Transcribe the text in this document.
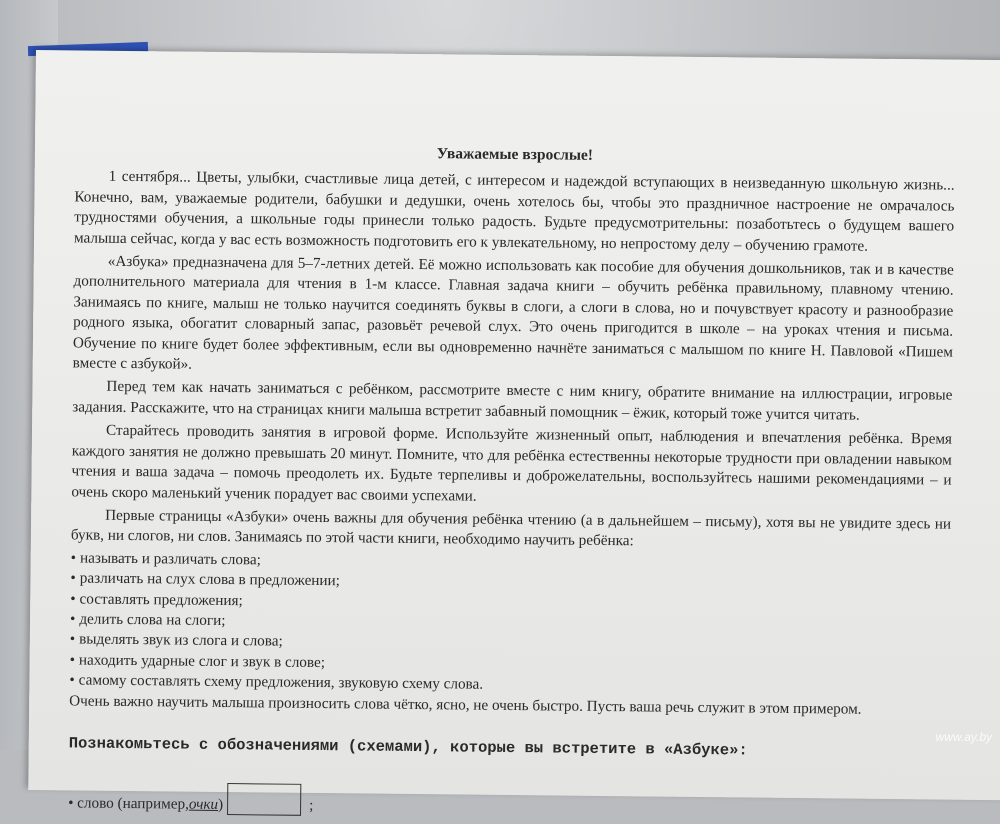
Уважаемые взрослые!

1 сентября... Цветы, улыбки, счастливые лица детей, с интересом и надеждой вступающих в неизведанную школьную жизнь... Конечно, вам, уважаемые родители, бабушки и дедушки, очень хотелось бы, чтобы это праздничное настроение не омрачалось трудностями обучения, а школьные годы принесли только радость. Будьте предусмотрительны: позаботьтесь о будущем вашего малыша сейчас, когда у вас есть возможность подготовить его к увлекательному, но непростому делу – обучению грамоте.

«Азбука» предназначена для 5–7-летних детей. Её можно использовать как пособие для обучения дошкольников, так и в качестве дополнительного материала для чтения в 1-м классе. Главная задача книги – обучить ребёнка правильному, плавному чтению. Занимаясь по книге, малыш не только научится соединять буквы в слоги, а слоги в слова, но и почувствует красоту и разнообразие родного языка, обогатит словарный запас, разовьёт речевой слух. Это очень пригодится в школе – на уроках чтения и письма. Обучение по книге будет более эффективным, если вы одновременно начнёте заниматься с малышом по книге Н. Павловой «Пишем вместе с азбукой».

Перед тем как начать заниматься с ребёнком, рассмотрите вместе с ним книгу, обратите внимание на иллюстрации, игровые задания. Расскажите, что на страницах книги малыша встретит забавный помощник – ёжик, который тоже учится читать.

Старайтесь проводить занятия в игровой форме. Используйте жизненный опыт, наблюдения и впечатления ребёнка. Время каждого занятия не должно превышать 20 минут. Помните, что для ребёнка естественны некоторые трудности при овладении навыком чтения и ваша задача – помочь преодолеть их. Будьте терпеливы и доброжелательны, воспользуйтесь нашими рекомендациями – и очень скоро маленький ученик порадует вас своими успехами.

Первые страницы «Азбуки» очень важны для обучения ребёнка чтению (а в дальнейшем – письму), хотя вы не увидите здесь ни букв, ни слогов, ни слов. Занимаясь по этой части книги, необходимо научить ребёнка:

• называть и различать слова;
• различать на слух слова в предложении;
• составлять предложения;
• делить слова на слоги;
• выделять звук из слога и слова;
• находить ударные слог и звук в слове;
• самому составлять схему предложения, звуковую схему слова.

Очень важно научить малыша произносить слова чётко, ясно, не очень быстро. Пусть ваша речь служит в этом примером.

Познакомьтесь с обозначениями (схемами), которые вы встретите в «Азбуке»:
• слово (например, очки )	;
www.ay.by
